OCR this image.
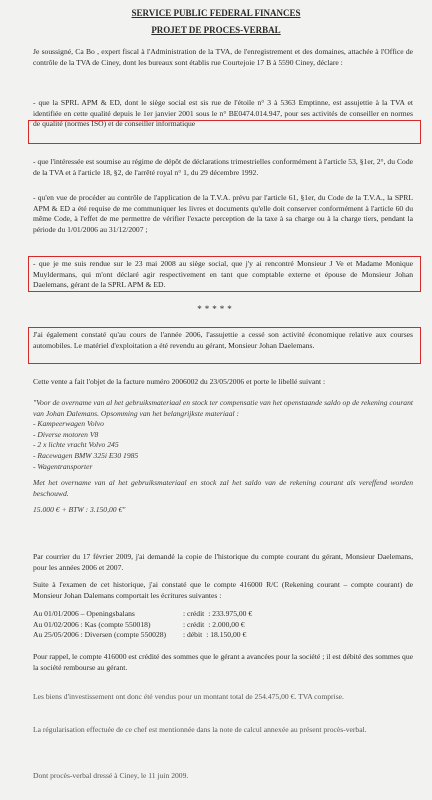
SERVICE PUBLIC FEDERAL FINANCES
PROJET DE PROCES-VERBAL
Je soussigné, Ca Bo , expert fiscal à l'Administration de la TVA, de l'enregistrement et des domaines, attachée à l'Office de contrôle de la TVA de Ciney, dont les bureaux sont établis rue Courtejoie 17 B à 5590 Ciney, déclare :
- que la SPRL APM & ED, dont le siège social est sis rue de l'étoile n° 3 à 5363 Emptinne, est assujettie à la TVA et identifiée en cette qualité depuis le 1er janvier 2001 sous le n° BE0474.014.947, pour ses activités de conseiller en normes de qualité (normes ISO) et de conseiller informatique
- que l'intéressée est soumise au régime de dépôt de déclarations trimestrielles conformément à l'article 53, §1er, 2°, du Code de la TVA et à l'article 18, §2, de l'arrêté royal n° 1, du 29 décembre 1992.
- qu'en vue de procéder au contrôle de l'application de la T.V.A. prévu par l'article 61, §1er, du Code de la T.V.A., la SPRL APM & ED a été requise de me communiquer les livres et documents qu'elle doit conserver conformément à l'article 60 du même Code, à l'effet de me permettre de vérifier l'exacte perception de la taxe à sa charge ou à la charge tiers, pendant la période du 1/01/2006 au 31/12/2007 ;
- que je me suis rendue sur le 23 mai 2008 au siège social, que j'y ai rencontré Monsieur J Ve et Madame Monique Muyldermans, qui m'ont déclaré agir respectivement en tant que comptable externe et épouse de Monsieur Johan Daelemans, gérant de la SPRL APM & ED.
*****
J'ai également constaté qu'au cours de l'année 2006, l'assujettie a cessé son activité économique relative aux courses automobiles. Le matériel d'exploitation a été revendu au gérant, Monsieur Johan Daelemans.
Cette vente a fait l'objet de la facture numéro 2006002 du 23/05/2006 et porte le libellé suivant :
"Voor de overname van al het gebruiksmateriaal en stock ter compensatie van het openstaande saldo op de rekening courant van Johan Dalemans. Opsomming van het belangrijkste materiaal :
- Kampeerwagen Volvo
- Diverse motoren V8
- 2 x lichte vracht Volvo 245
- Racewagen BMW 325i E30 1985
- Wagentransporter
Met het overname van al het gebruiksmateriaal en stock zal het saldo van de rekening courant als vereffend worden beschouwd.
15.000 € + BTW : 3.150,00 €"
Par courrier du 17 février 2009, j'ai demandé la copie de l'historique du compte courant du gérant, Monsieur Daelemans, pour les années 2006 et 2007.
Suite à l'examen de cet historique, j'ai constaté que le compte 416000 R/C (Rekening courant – compte courant) de Monsieur Johan Dalemans comportait les écritures suivantes :
Au 01/01/2006 – Openingsbalans	: crédit : 233.975,00 €
Au 01/02/2006 : Kas (compte 550018)	: crédit : 2.000,00 €
Au 25/05/2006 : Diversen (compte 550028)	: débit : 18.150,00 €
Pour rappel, le compte 416000 est crédité des sommes que le gérant a avancées pour la société ; il est débité des sommes que la société rembourse au gérant.
Les biens d'investissement ont donc été vendus pour un montant total de 254.475,00 €. TVA comprise.
La régularisation effectuée de ce chef est mentionnée dans la note de calcul annexée au présent procès-verbal.
Dont procès-verbal dressé à Ciney, le 11 juin 2009.
